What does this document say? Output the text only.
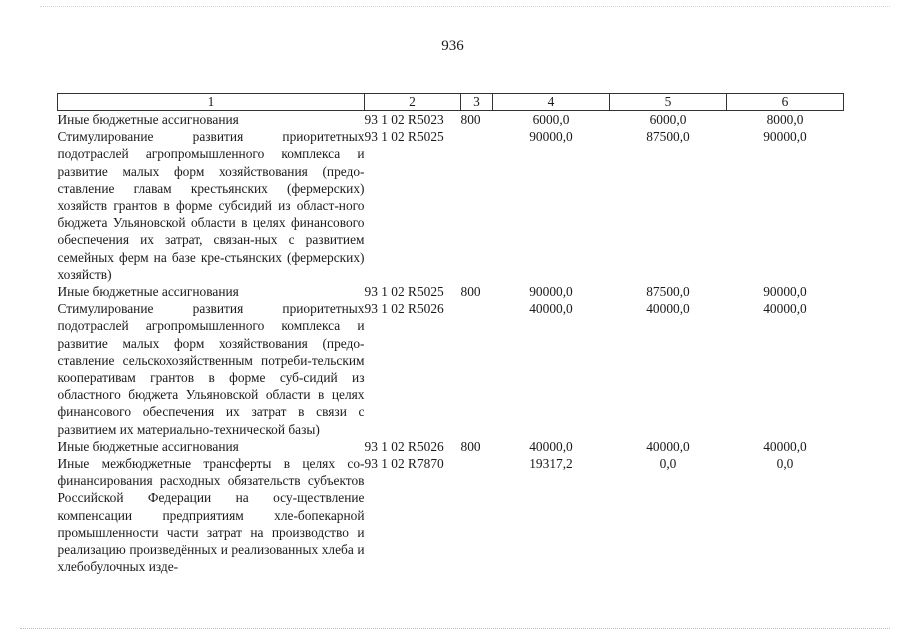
936
1	2	3	4	5	6
Иные бюджетные ассигнования	93 1 02 R5023	800	6000,0	6000,0	8000,0
Стимулирование развития приоритетных подотраслей агропромышленного комплекса и развитие малых форм хозяйствования (предо-ставление главам крестьянских (фермерских) хозяйств грантов в форме субсидий из област-ного бюджета Ульяновской области в целях финансового обеспечения их затрат, связан-ных с развитием семейных ферм на базе кре-стьянских (фермерских) хозяйств)	93 1 02 R5025		90000,0	87500,0	90000,0
Иные бюджетные ассигнования	93 1 02 R5025	800	90000,0	87500,0	90000,0
Стимулирование развития приоритетных подотраслей агропромышленного комплекса и развитие малых форм хозяйствования (предо-ставление сельскохозяйственным потреби-тельским кооперативам грантов в форме суб-сидий из областного бюджета Ульяновской области в целях финансового обеспечения их затрат в связи с развитием их материально-технической базы)	93 1 02 R5026		40000,0	40000,0	40000,0
Иные бюджетные ассигнования	93 1 02 R5026	800	40000,0	40000,0	40000,0
Иные межбюджетные трансферты в целях со-финансирования расходных обязательств субъектов Российской Федерации на осу-ществление компенсации предприятиям хле-бопекарной промышленности части затрат на производство и реализацию произведённых и реализованных хлеба и хлебобулочных изде-	93 1 02 R7870		19317,2	0,0	0,0
